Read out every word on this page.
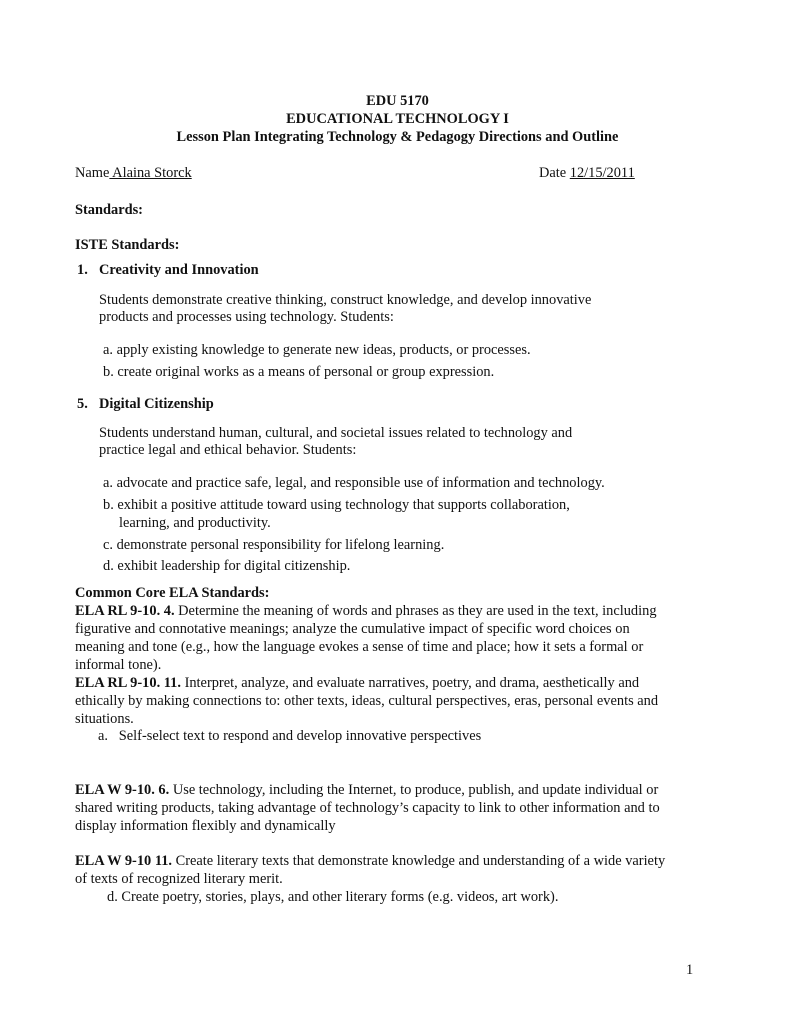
EDU 5170
EDUCATIONAL TECHNOLOGY I
Lesson Plan Integrating Technology & Pedagogy Directions and Outline
Name Alaina Storck	Date 12/15/2011
Standards:
ISTE Standards:
1. Creativity and Innovation
Students demonstrate creative thinking, construct knowledge, and develop innovative
products and processes using technology. Students:
a. apply existing knowledge to generate new ideas, products, or processes.
b. create original works as a means of personal or group expression.
5. Digital Citizenship
Students understand human, cultural, and societal issues related to technology and
practice legal and ethical behavior. Students:
a. advocate and practice safe, legal, and responsible use of information and technology.
b. exhibit a positive attitude toward using technology that supports collaboration,
learning, and productivity.
c. demonstrate personal responsibility for lifelong learning.
d. exhibit leadership for digital citizenship.
Common Core ELA Standards:

ELA RL 9-10. 4. Determine the meaning of words and phrases as they are used in the text, including

figurative and connotative meanings; analyze the cumulative impact of specific word choices on

meaning and tone (e.g., how the language evokes a sense of time and place; how it sets a formal or

informal tone).

ELA RL 9-10. 11. Interpret, analyze, and evaluate narratives, poetry, and drama, aesthetically and

ethically by making connections to: other texts, ideas, cultural perspectives, eras, personal events and

situations.

a.   Self-select text to respond and develop innovative perspectives

ELA W 9-10. 6. Use technology, including the Internet, to produce, publish, and update individual or

shared writing products, taking advantage of technology’s capacity to link to other information and to

display information flexibly and dynamically

ELA W 9-10 11. Create literary texts that demonstrate knowledge and understanding of a wide variety

of texts of recognized literary merit.

d. Create poetry, stories, plays, and other literary forms (e.g. videos, art work).
1
